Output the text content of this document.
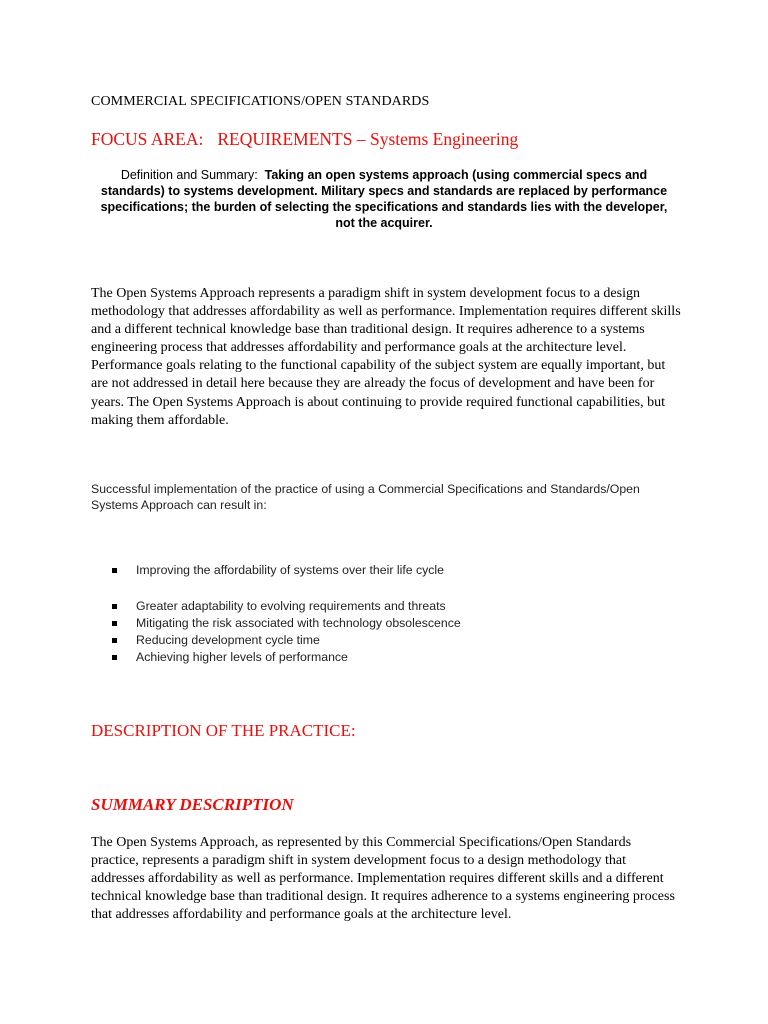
COMMERCIAL SPECIFICATIONS/OPEN STANDARDS
FOCUS AREA: REQUIREMENTS – Systems Engineering
Definition and Summary: Taking an open systems approach (using commercial specs and standards) to systems development. Military specs and standards are replaced by performance specifications; the burden of selecting the specifications and standards lies with the developer, not the acquirer.
The Open Systems Approach represents a paradigm shift in system development focus to a design methodology that addresses affordability as well as performance. Implementation requires different skills and a different technical knowledge base than traditional design. It requires adherence to a systems engineering process that addresses affordability and performance goals at the architecture level. Performance goals relating to the functional capability of the subject system are equally important, but are not addressed in detail here because they are already the focus of development and have been for years. The Open Systems Approach is about continuing to provide required functional capabilities, but making them affordable.
Successful implementation of the practice of using a Commercial Specifications and Standards/Open Systems Approach can result in:
Improving the affordability of systems over their life cycle
Greater adaptability to evolving requirements and threats
Mitigating the risk associated with technology obsolescence
Reducing development cycle time
Achieving higher levels of performance
DESCRIPTION OF THE PRACTICE:
SUMMARY DESCRIPTION
The Open Systems Approach, as represented by this Commercial Specifications/Open Standards practice, represents a paradigm shift in system development focus to a design methodology that addresses affordability as well as performance. Implementation requires different skills and a different technical knowledge base than traditional design. It requires adherence to a systems engineering process that addresses affordability and performance goals at the architecture level.
